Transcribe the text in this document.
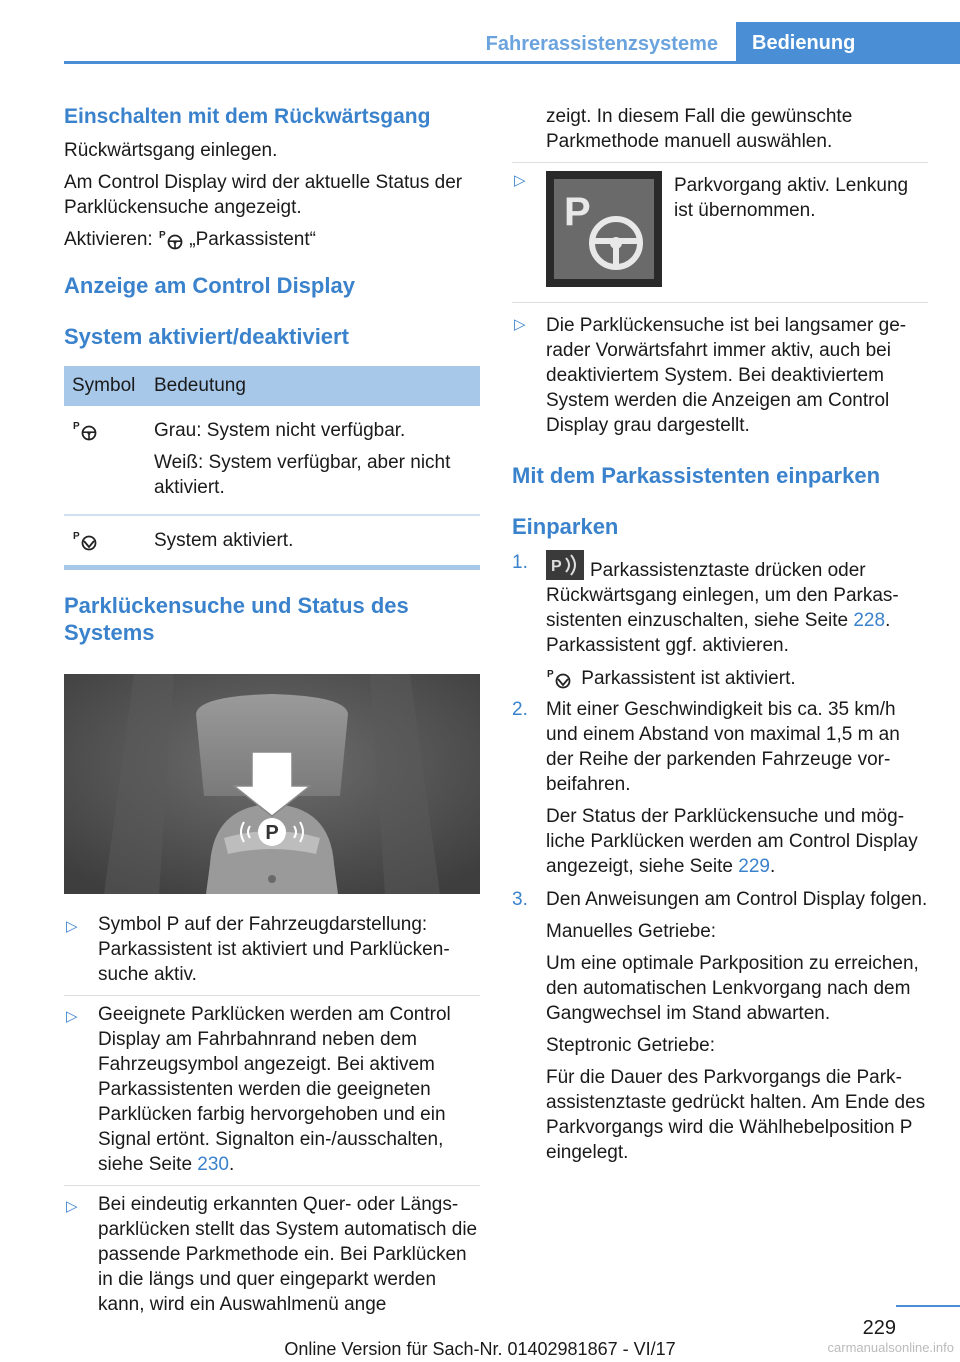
Fahrerassistenzsysteme	Bedienung
Einschalten mit dem Rückwärtsgang

Rückwärtsgang einlegen.

Am Control Display wird der aktuelle Status der Parklückensuche angezeigt.

Aktivieren: P „Parkassistent“

Anzeige am Control Display
System aktiviert/deaktiviert
Symbol	Bedeutung

P	Grau: System nicht verfügbar.
Weiß: System verfügbar, aber nicht aktiviert.

P	System aktiviert.
Parklückensuche und Status des Systems
P
▷ Symbol P auf der Fahrzeugdarstellung: Parkassistent ist aktiviert und Parklückensuche aktiv.
▷ Geeignete Parklücken werden am Control Display am Fahrbahnrand neben dem Fahrzeugsymbol angezeigt. Bei aktivem Parkassistenten werden die geeigneten Parklücken farbig hervorgehoben und ein Signal ertönt. Signalton ein-/ausschalten, siehe Seite 230.
▷ Bei eindeutig erkannten Quer- oder Längsparklücken stellt das System automatisch die passende Parkmethode ein. Bei Parklücken in die längs und quer eingeparkt werden kann, wird ein Auswahlmenü ange

zeigt. In diesem Fall die gewünschte Parkmethode manuell auswählen.

▷
P

Parkvorgang aktiv. Lenkung ist übernommen.

▷ Die Parklückensuche ist bei langsamer gerader Vorwärtsfahrt immer aktiv, auch bei deaktiviertem System. Bei deaktiviertem System werden die Anzeigen am Control Display grau dargestellt.

Mit dem Parkassistenten einparken
Einparken
1. P Parkassistenztaste drücken oder Rückwärtsgang einlegen, um den Parkassistenten einzuschalten, siehe Seite 228. Parkassistent ggf. aktivieren.

P Parkassistent ist aktiviert.

2. Mit einer Geschwindigkeit bis ca. 35 km/h und einem Abstand von maximal 1,5 m an der Reihe der parkenden Fahrzeuge vorbeifahren.

Der Status der Parklückensuche und mögliche Parklücken werden am Control Display angezeigt, siehe Seite 229.

3. Den Anweisungen am Control Display folgen.

Manuelles Getriebe:

Um eine optimale Parkposition zu erreichen, den automatischen Lenkvorgang nach dem Gangwechsel im Stand abwarten.

Steptronic Getriebe:

Für die Dauer des Parkvorgangs die Parkassistenztaste gedrückt halten. Am Ende des Parkvorgangs wird die Wählhebelposition P eingelegt.

229
Online Version für Sach-Nr. 01402981867 - VI/17	carmanualsonline.info
